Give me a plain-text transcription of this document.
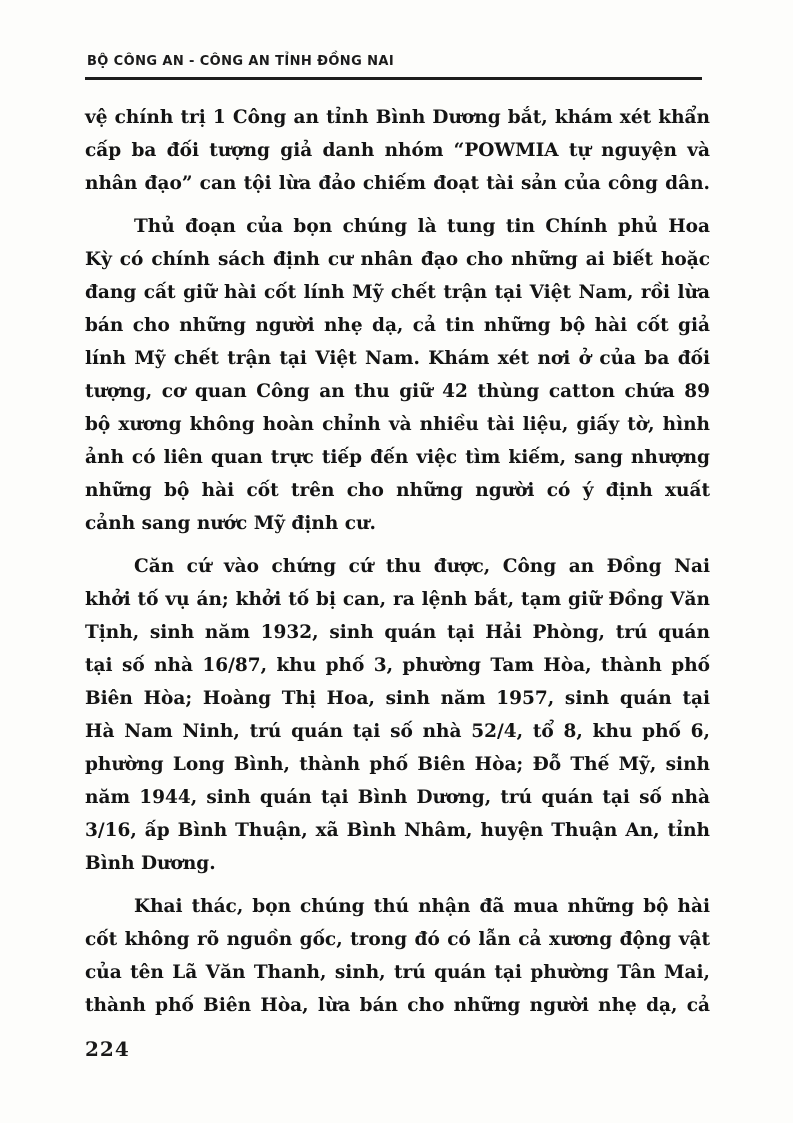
BỘ CÔNG AN - CÔNG AN TỈNH ĐỒNG NAI
vệ chính trị 1 Công an tỉnh Bình Dương bắt, khám xét khẩn
cấp ba đối tượng giả danh nhóm “POWMIA tự nguyện và
nhân đạo” can tội lừa đảo chiếm đoạt tài sản của công dân.
Thủ đoạn của bọn chúng là tung tin Chính phủ Hoa
Kỳ có chính sách định cư nhân đạo cho những ai biết hoặc
đang cất giữ hài cốt lính Mỹ chết trận tại Việt Nam, rồi lừa
bán cho những người nhẹ dạ, cả tin những bộ hài cốt giả
lính Mỹ chết trận tại Việt Nam. Khám xét nơi ở của ba đối
tượng, cơ quan Công an thu giữ 42 thùng catton chứa 89
bộ xương không hoàn chỉnh và nhiều tài liệu, giấy tờ, hình
ảnh có liên quan trực tiếp đến việc tìm kiếm, sang nhượng
những bộ hài cốt trên cho những người có ý định xuất
cảnh sang nước Mỹ định cư.
Căn cứ vào chứng cứ thu được, Công an Đồng Nai
khởi tố vụ án; khởi tố bị can, ra lệnh bắt, tạm giữ Đồng Văn
Tịnh, sinh năm 1932, sinh quán tại Hải Phòng, trú quán
tại số nhà 16/87, khu phố 3, phường Tam Hòa, thành phố
Biên Hòa; Hoàng Thị Hoa, sinh năm 1957, sinh quán tại
Hà Nam Ninh, trú quán tại số nhà 52/4, tổ 8, khu phố 6,
phường Long Bình, thành phố Biên Hòa; Đỗ Thế Mỹ, sinh
năm 1944, sinh quán tại Bình Dương, trú quán tại số nhà
3/16, ấp Bình Thuận, xã Bình Nhâm, huyện Thuận An, tỉnh
Bình Dương.
Khai thác, bọn chúng thú nhận đã mua những bộ hài
cốt không rõ nguồn gốc, trong đó có lẫn cả xương động vật
của tên Lã Văn Thanh, sinh, trú quán tại phường Tân Mai,
thành phố Biên Hòa, lừa bán cho những người nhẹ dạ, cả
224
